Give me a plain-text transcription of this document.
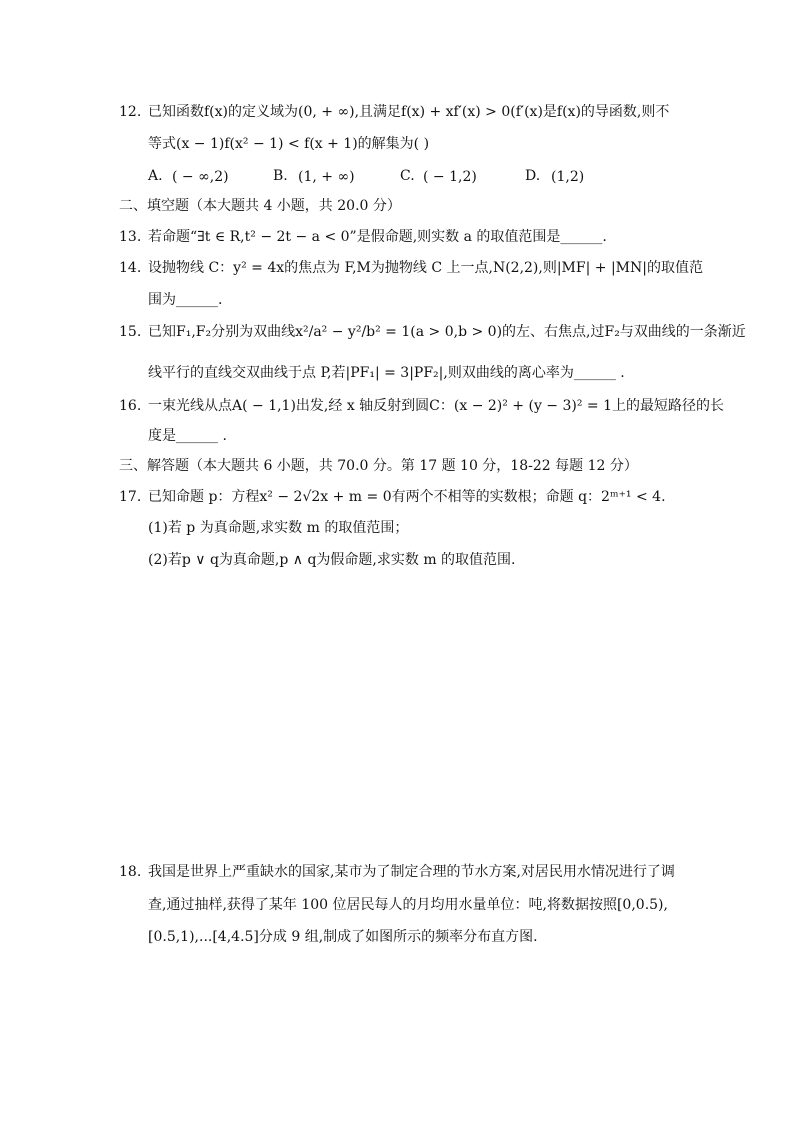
12. 已知函数f(x)的定义域为(0, + ∞),且满足f(x) + xf′(x) > 0(f′(x)是f(x)的导函数,则不
等式(x − 1)f(x² − 1) < f(x + 1)的解集为( )
A. ( − ∞,2)	B. (1, + ∞)	C. ( − 1,2)	D. (1,2)
二、填空题（本大题共 4 小题，共 20.0 分）
13. 若命题“∃t ∈ R,t² − 2t − a < 0”是假命题,则实数 a 的取值范围是______.
14. 设抛物线 C：y² = 4x的焦点为 F,M为抛物线 C 上一点,N(2,2),则|MF| + |MN|的取值范
围为______.
15. 已知F₁,F₂分别为双曲线x²/a² − y²/b² = 1(a > 0,b > 0)的左、右焦点,过F₂与双曲线的一条渐近
线平行的直线交双曲线于点 P,若|PF₁| = 3|PF₂|,则双曲线的离心率为______ .
16. 一束光线从点A( − 1,1)出发,经 x 轴反射到圆C：(x − 2)² + (y − 3)² = 1上的最短路径的长
度是______ .
三、解答题（本大题共 6 小题，共 70.0 分。第 17 题 10 分，18-22 每题 12 分）
17. 已知命题 p：方程x² − 2√2x + m = 0有两个不相等的实数根；命题 q：2ᵐ⁺¹ < 4.
(1)若 p 为真命题,求实数 m 的取值范围；
(2)若p ∨ q为真命题,p ∧ q为假命题,求实数 m 的取值范围.
18. 我国是世界上严重缺水的国家,某市为了制定合理的节水方案,对居民用水情况进行了调
查,通过抽样,获得了某年 100 位居民每人的月均用水量单位：吨,将数据按照[0,0.5),
[0.5,1),...[4,4.5]分成 9 组,制成了如图所示的频率分布直方图.
